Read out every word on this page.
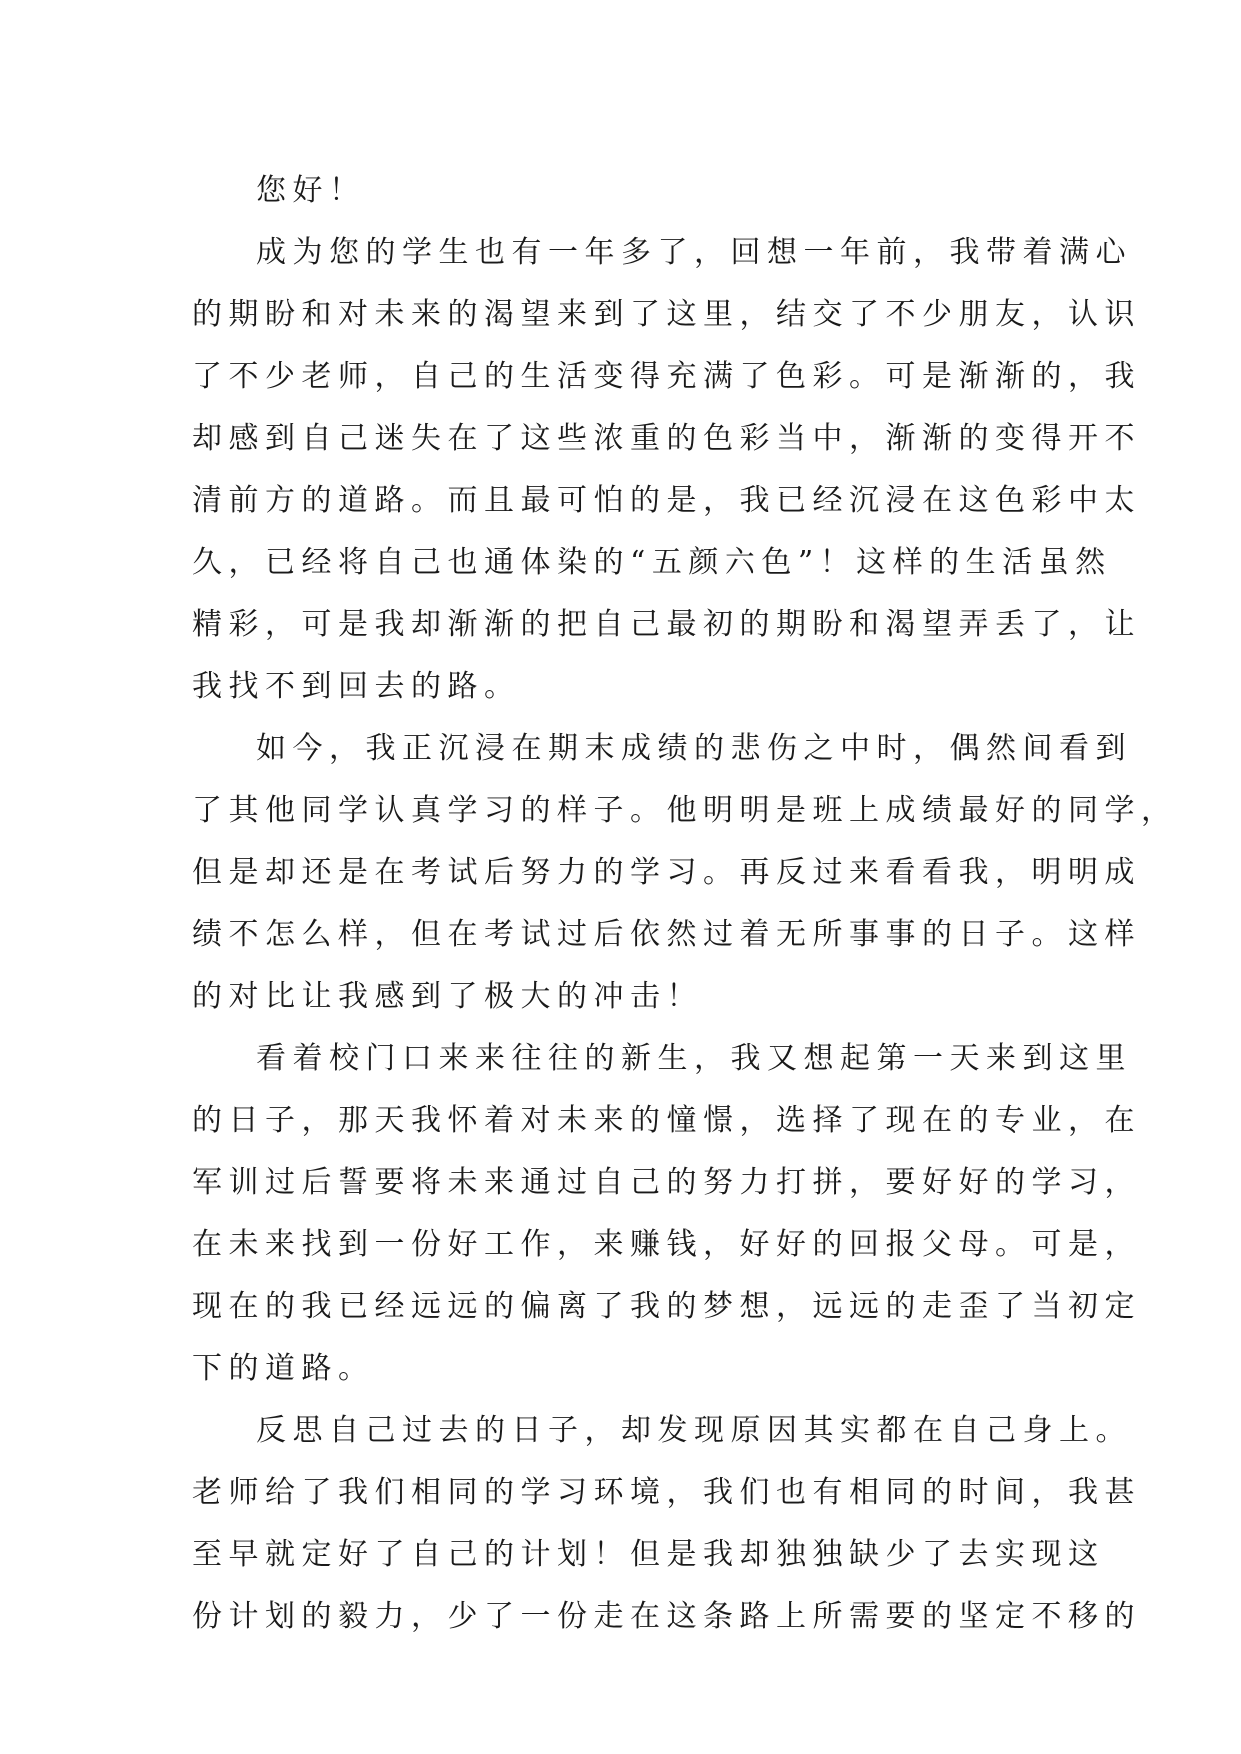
您好！
成为您的学生也有一年多了，回想一年前，我带着满心
的期盼和对未来的渴望来到了这里，结交了不少朋友，认识
了不少老师，自己的生活变得充满了色彩。可是渐渐的，我
却感到自己迷失在了这些浓重的色彩当中，渐渐的变得开不
清前方的道路。而且最可怕的是，我已经沉浸在这色彩中太
久，已经将自己也通体染的“五颜六色”！这样的生活虽然
精彩，可是我却渐渐的把自己最初的期盼和渴望弄丢了，让
我找不到回去的路。
如今，我正沉浸在期末成绩的悲伤之中时，偶然间看到
了其他同学认真学习的样子。他明明是班上成绩最好的同学，
但是却还是在考试后努力的学习。再反过来看看我，明明成
绩不怎么样，但在考试过后依然过着无所事事的日子。这样
的对比让我感到了极大的冲击！
看着校门口来来往往的新生，我又想起第一天来到这里
的日子，那天我怀着对未来的憧憬，选择了现在的专业，在
军训过后誓要将未来通过自己的努力打拼，要好好的学习，
在未来找到一份好工作，来赚钱，好好的回报父母。可是，
现在的我已经远远的偏离了我的梦想，远远的走歪了当初定
下的道路。
反思自己过去的日子，却发现原因其实都在自己身上。
老师给了我们相同的学习环境，我们也有相同的时间，我甚
至早就定好了自己的计划！但是我却独独缺少了去实现这
份计划的毅力，少了一份走在这条路上所需要的坚定不移的
